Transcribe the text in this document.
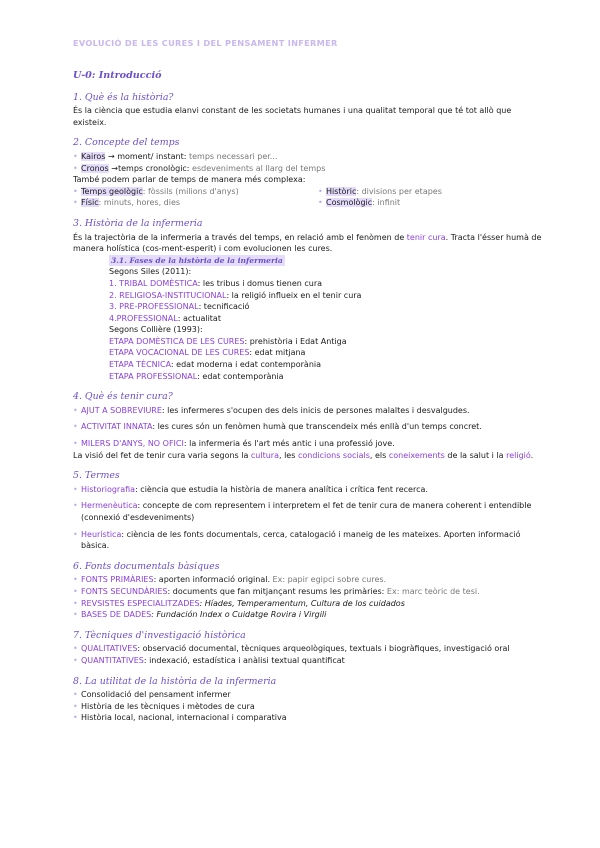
EVOLUCIÓ DE LES CURES I DEL PENSAMENT INFERMER
U-0: Introducció
1. Què és la història?

És la ciència que estudia elanvi constant de les societats humanes i una qualitat temporal que té tot allò que existeix.

2. Concepte del temps
• Kairos → moment/ instant: temps necessari per...
• Cronos →temps cronològic: esdeveniments al llarg del temps

També podem parlar de temps de manera més complexa:

• Temps geològic: fòssils (milions d'anys)
• Físic: minuts, hores, dies
• Històric: divisions per etapes
• Cosmològic: infinit
3. Història de la infermeria

És la trajectòria de la infermeria a través del temps, en relació amb el fenòmen de tenir cura. Tracta l'ésser humà de manera holística (cos-ment-esperit) i com evolucionen les cures.

3.1. Fases de la història de la infermeria
Segons Siles (2011):
1. TRIBAL DOMÈSTICA: les tribus i domus tienen cura
2. RELIGIOSA-INSTITUCIONAL: la religió influeix en el tenir cura
3. PRE-PROFESSIONAL: tecnificació
4.PROFESSIONAL: actualitat
Segons Collière (1993):
ETAPA DOMÈSTICA DE LES CURES: prehistòria i Edat Antiga
ETAPA VOCACIONAL DE LES CURES: edat mitjana
ETAPA TÈCNICA: edat moderna i edat contemporània
ETAPA PROFESSIONAL: edat contemporània
4. Què és tenir cura?
• AJUT A SOBREVIURE: les infermeres s'ocupen des dels inicis de persones malaltes i desvalgudes.
• ACTIVITAT INNATA: les cures són un fenòmen humà que transcendeix més enllà d'un temps concret.
• MILERS D'ANYS, NO OFICI: la infermeria és l'art més antic i una professió jove.

La visió del fet de tenir cura varia segons la cultura, les condicions socials, els coneixements de la salut i la religió.

5. Termes
• Historiografia: ciència que estudia la història de manera analítica i crítica fent recerca.
• Hermenèutica: concepte de com representem i interpretem el fet de tenir cura de manera coherent i entendible (connexió d'esdeveniments)
• Heurística: ciència de les fonts documentals, cerca, catalogació i maneig de les mateixes. Aporten informació bàsica.
6. Fonts documentals bàsiques
• FONTS PRIMÀRIES: aporten informació original. Ex: papir egipci sobre cures.
• FONTS SECUNDÀRIES: documents que fan mitjançant resums les primàries: Ex: marc teòric de tesi.
• REVSISTES ESPECIALITZADES: Híades, Temperamentum, Cultura de los cuidados
• BASES DE DADES: Fundación Index o Cuidatge Rovira i Virgili
7. Tècniques d'investigació històrica
• QUALITATIVES: observació documental, tècniques arqueològiques, textuals i biogràfiques, investigació oral
• QUANTITATIVES: indexació, estadística i anàlisi textual quantificat
8. La utilitat de la història de la infermeria
• Consolidació del pensament infermer
• Història de les tècniques i mètodes de cura
• Història local, nacional, internacional i comparativa
